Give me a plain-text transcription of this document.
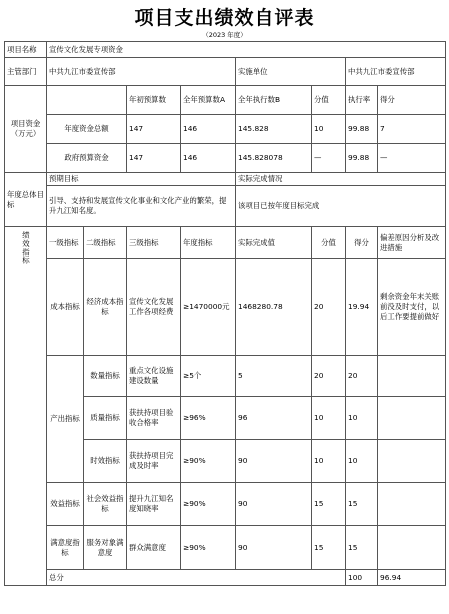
项目支出绩效自评表
（2023 年度）
项目名称	宣传文化发展专项资金								
主管部门	中共九江市委宣传部				实施单位		中共九江市委宣传部		
项目资金（万元）			年初预算数	全年预算数A	全年执行数B	分值	执行率	得分	
	年度资金总额		147	146	145.828	10	99.88	7	
	政府预算资金		147	146	145.828078	—	99.88	—	
年度总体目标	预期目标				实际完成情况				
	引导、支持和发展宣传文化事业和文化产业的繁荣，提升九江知名度。				该项目已按年度目标完成				
绩效指标	一级指标	二级指标	三级指标	年度指标	实际完成值	分值	得分	偏差原因分析及改进措施	
	成本指标	经济成本指标	宣传文化发展工作各项经费	≥1470000元	1468280.78	20	19.94	剩余资金年末关账前没及时支付，以后工作要提前做好	
	产出指标	数量指标	重点文化设施建设数量	≥5个	5	20	20		
		质量指标	获扶持项目验收合格率	≥96%	96	10	10		
		时效指标	获扶持项目完成及时率	≥90%	90	10	10		
	效益指标	社会效益指标	提升九江知名度知晓率	≥90%	90	15	15		
	满意度指标	服务对象满意度	群众满意度	≥90%	90	15	15		
	总分						100	96.94	
